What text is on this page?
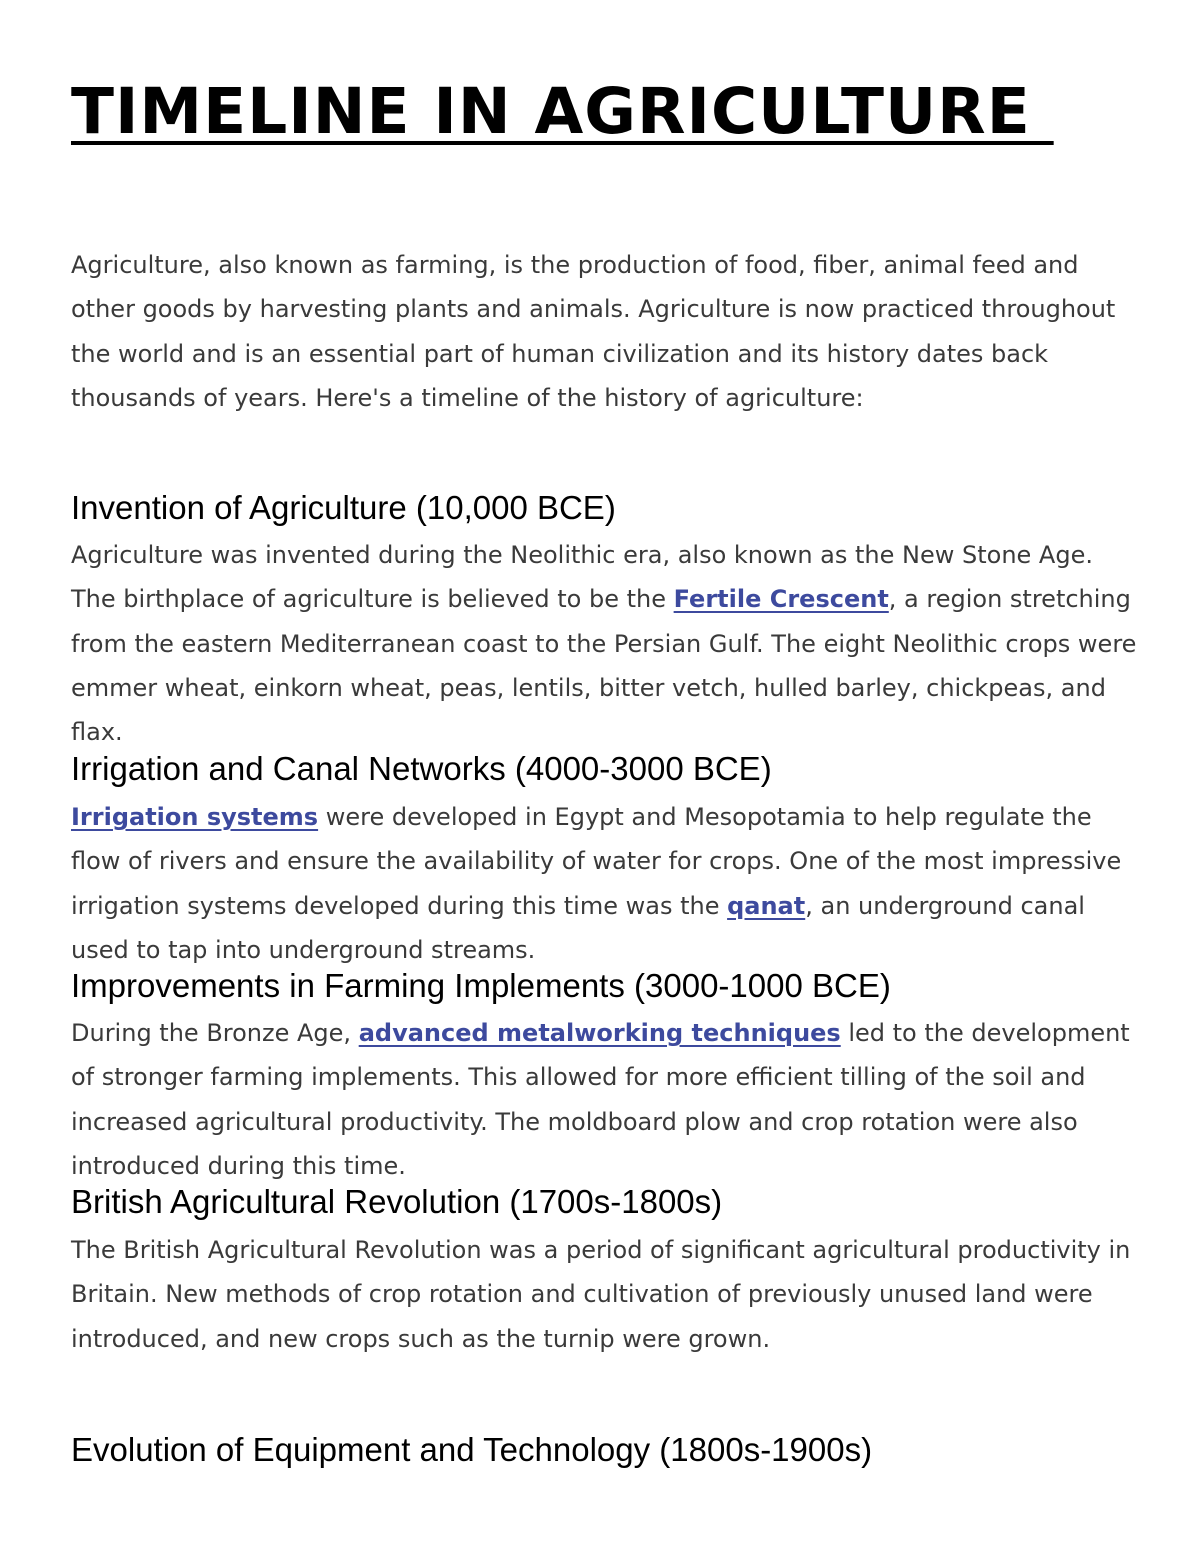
TIMELINE IN AGRICULTURE

Agriculture, also known as farming, is the production of food, fiber, animal feed and other goods by harvesting plants and animals. Agriculture is now practiced throughout the world and is an essential part of human civilization and its history dates back thousands of years. Here's a timeline of the history of agriculture:

Invention of Agriculture (10,000 BCE)

Agriculture was invented during the Neolithic era, also known as the New Stone Age. The birthplace of agriculture is believed to be the Fertile Crescent, a region stretching from the eastern Mediterranean coast to the Persian Gulf. The eight Neolithic crops were emmer wheat, einkorn wheat, peas, lentils, bitter vetch, hulled barley, chickpeas, and flax.

Irrigation and Canal Networks (4000-3000 BCE)

Irrigation systems were developed in Egypt and Mesopotamia to help regulate the flow of rivers and ensure the availability of water for crops. One of the most impressive irrigation systems developed during this time was the qanat, an underground canal used to tap into underground streams.

Improvements in Farming Implements (3000-1000 BCE)

During the Bronze Age, advanced metalworking techniques led to the development of stronger farming implements. This allowed for more efficient tilling of the soil and increased agricultural productivity. The moldboard plow and crop rotation were also introduced during this time.

British Agricultural Revolution (1700s-1800s)

The British Agricultural Revolution was a period of significant agricultural productivity in Britain. New methods of crop rotation and cultivation of previously unused land were introduced, and new crops such as the turnip were grown.

Evolution of Equipment and Technology (1800s-1900s)
